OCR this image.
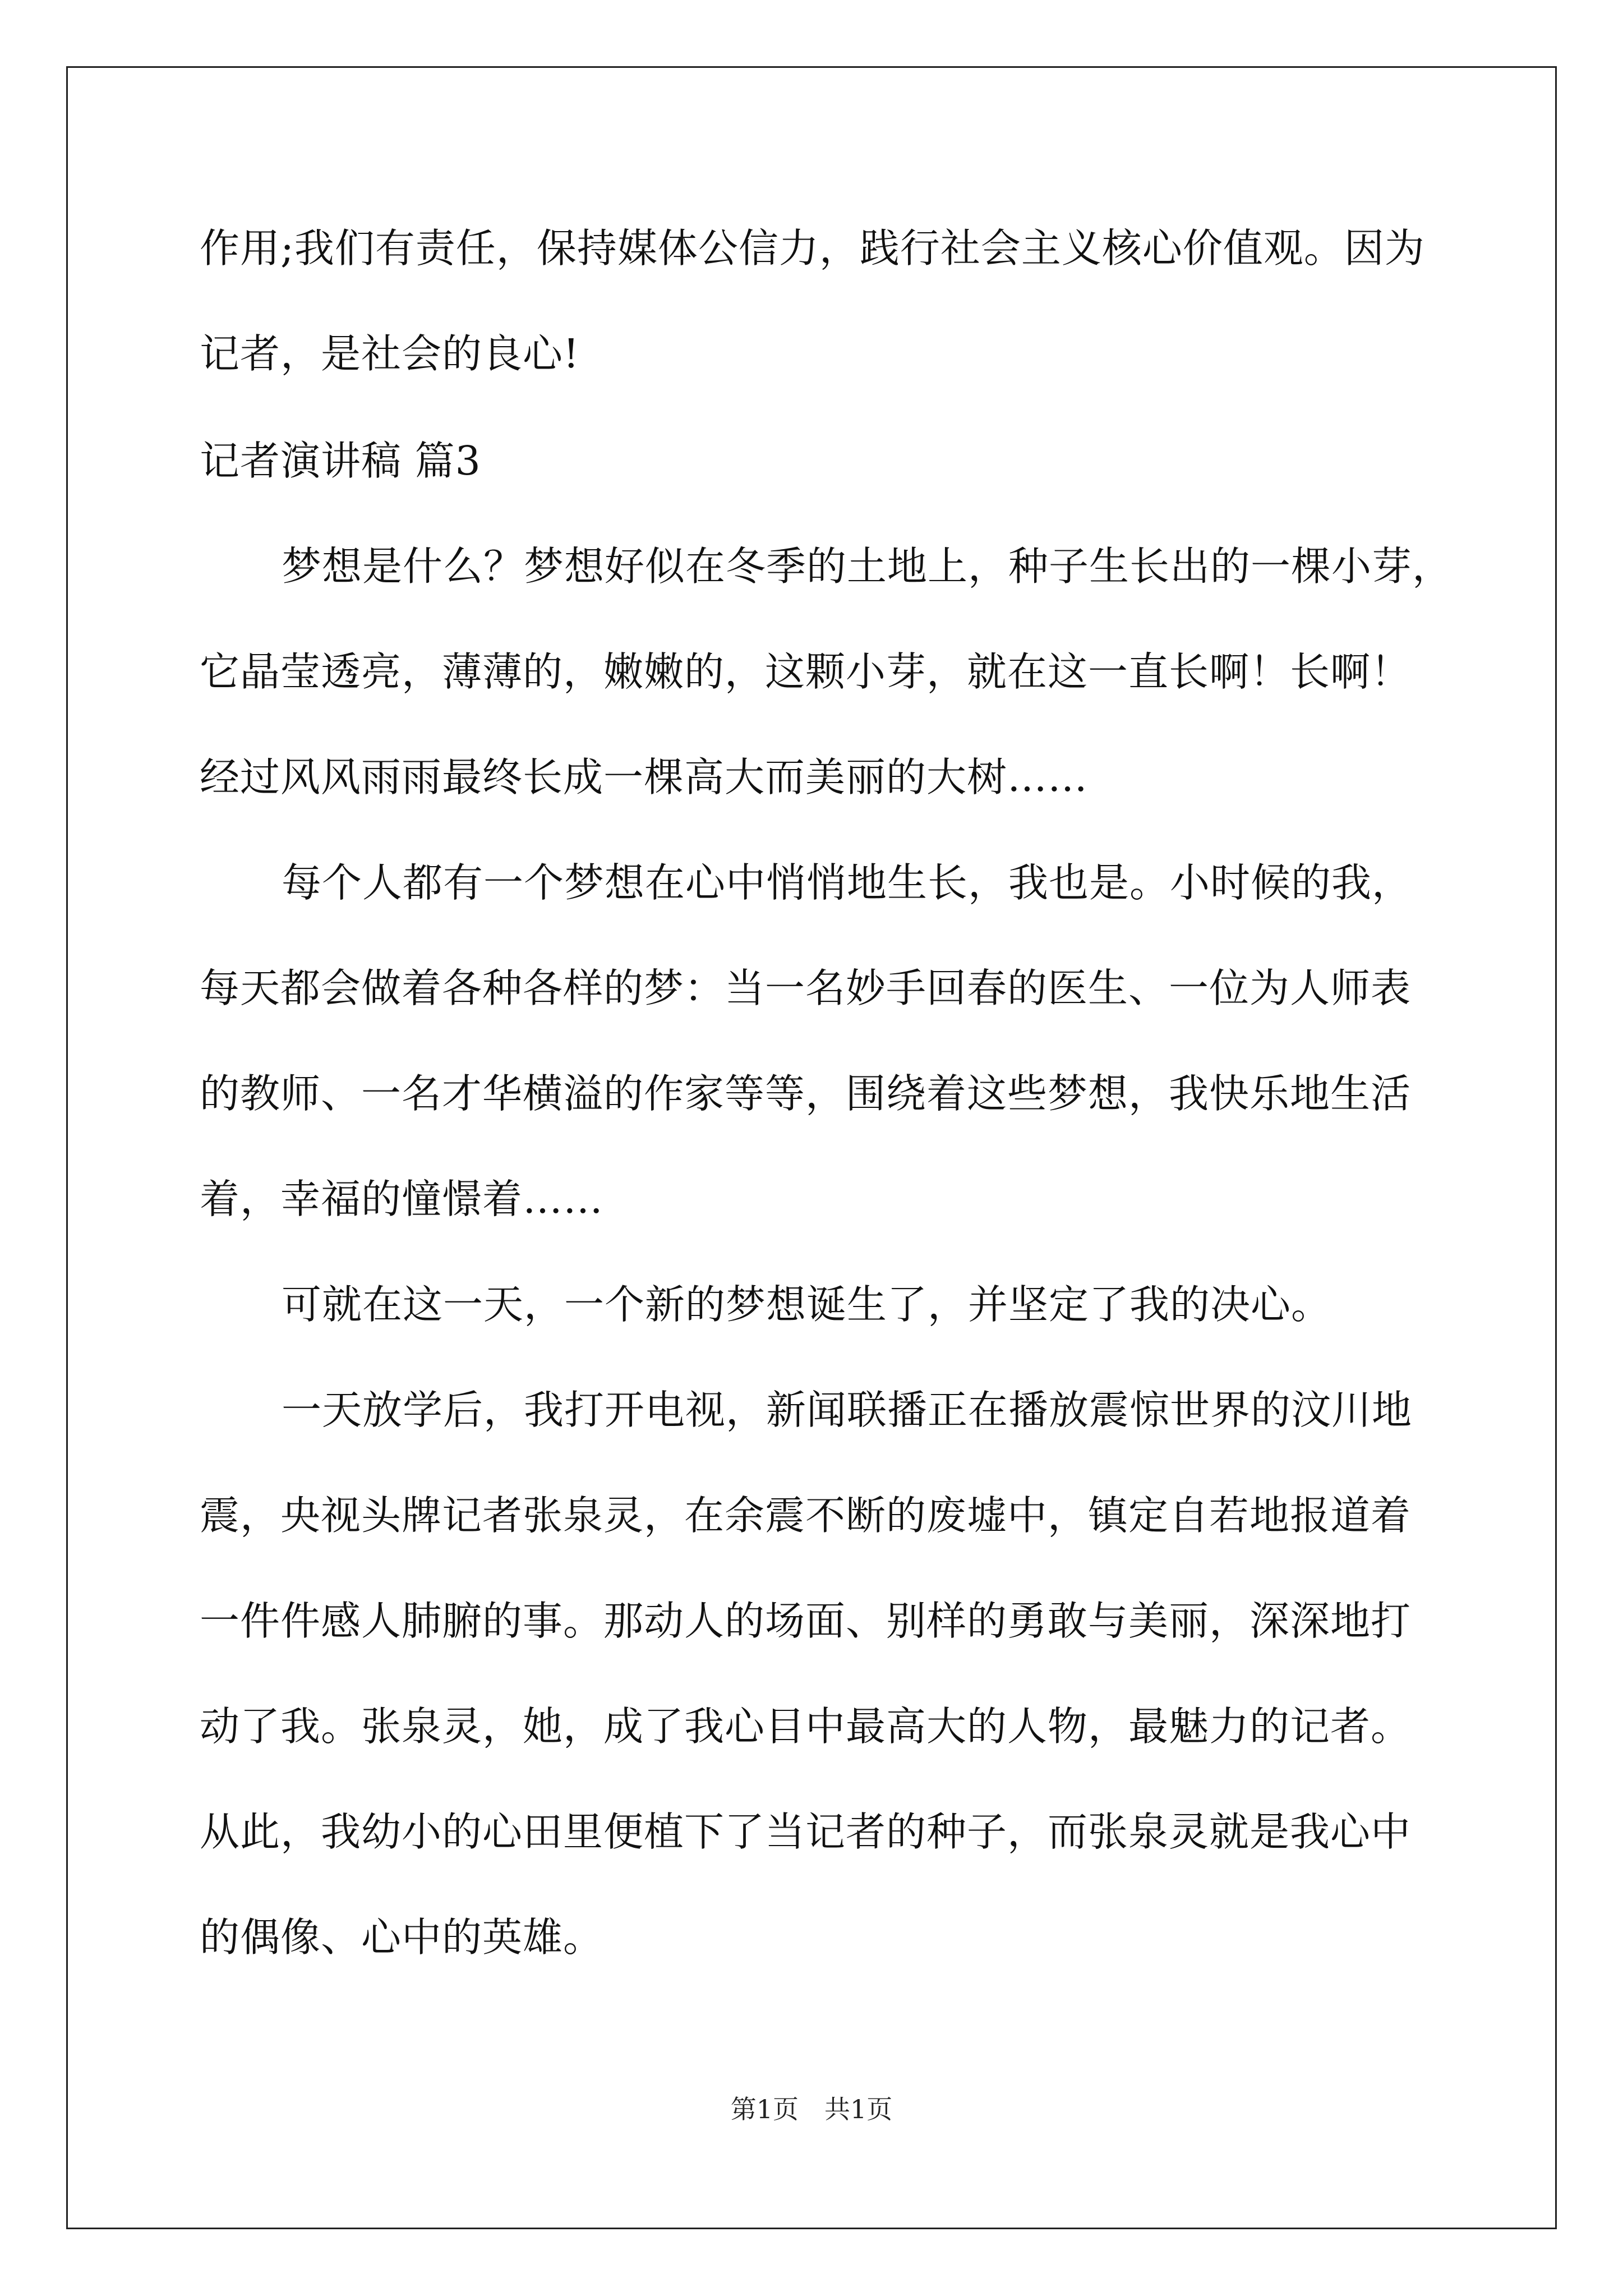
作用;我们有责任，保持媒体公信力，践行社会主义核心价值观。因为
记者，是社会的良心!
记者演讲稿 篇3
梦想是什么？梦想好似在冬季的土地上，种子生长出的一棵小芽，
它晶莹透亮，薄薄的，嫩嫩的，这颗小芽，就在这一直长啊！长啊！
经过风风雨雨最终长成一棵高大而美丽的大树……
每个人都有一个梦想在心中悄悄地生长，我也是。小时候的我，
每天都会做着各种各样的梦：当一名妙手回春的医生、一位为人师表
的教师、一名才华横溢的作家等等，围绕着这些梦想，我快乐地生活
着，幸福的憧憬着……
可就在这一天，一个新的梦想诞生了，并坚定了我的决心。
一天放学后，我打开电视，新闻联播正在播放震惊世界的汶川地
震，央视头牌记者张泉灵，在余震不断的废墟中，镇定自若地报道着
一件件感人肺腑的事。那动人的场面、别样的勇敢与美丽，深深地打
动了我。张泉灵，她，成了我心目中最高大的人物，最魅力的记者。
从此，我幼小的心田里便植下了当记者的种子，而张泉灵就是我心中
的偶像、心中的英雄。
第1页　共1页
